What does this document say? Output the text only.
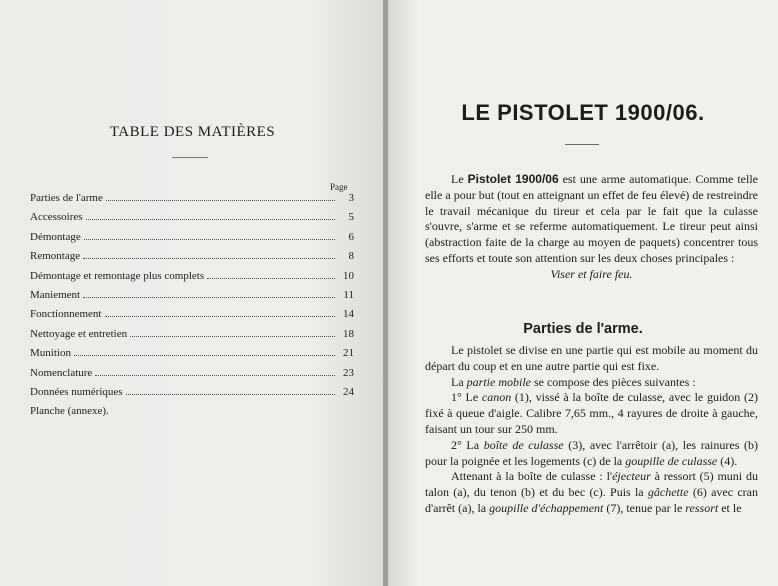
TABLE DES MATIÈRES
Page
Parties de l'arme	3
Accessoires	5
Démontage	6
Remontage	8
Démontage et remontage plus complets	10
Maniement	11
Fonctionnement	14
Nettoyage et entretien	18
Munition	21
Nomenclature	23
Données numériques	24
Planche (annexe).
LE PISTOLET 1900/06.

Le Pistolet 1900/06 est une arme automatique. Comme telle elle a pour but (tout en atteignant un effet de feu élevé) de restreindre le travail mécanique du tireur et cela par le fait que la culasse s'ouvre, s'arme et se referme automatiquement. Le tireur peut ainsi (abstraction faite de la charge au moyen de paquets) concentrer tous ses efforts et toute son attention sur les deux choses principales :

Viser et faire feu.

Parties de l'arme.

Le pistolet se divise en une partie qui est mobile au moment du départ du coup et en une autre partie qui est fixe.

La partie mobile se compose des pièces suivantes :

1° Le canon (1), vissé à la boîte de culasse, avec le guidon (2) fixé à queue d'aigle. Calibre 7,65 mm., 4 rayures de droite à gauche, faisant un tour sur 250 mm.

2° La boîte de culasse (3), avec l'arrêtoir (a), les rainures (b) pour la poignée et les logements (c) de la goupille de culasse (4).

Attenant à la boîte de culasse : l'éjecteur à ressort (5) muni du talon (a), du tenon (b) et du bec (c). Puis la gâchette (6) avec cran d'arrêt (a), la goupille d'échappement (7), tenue par le ressort et le
